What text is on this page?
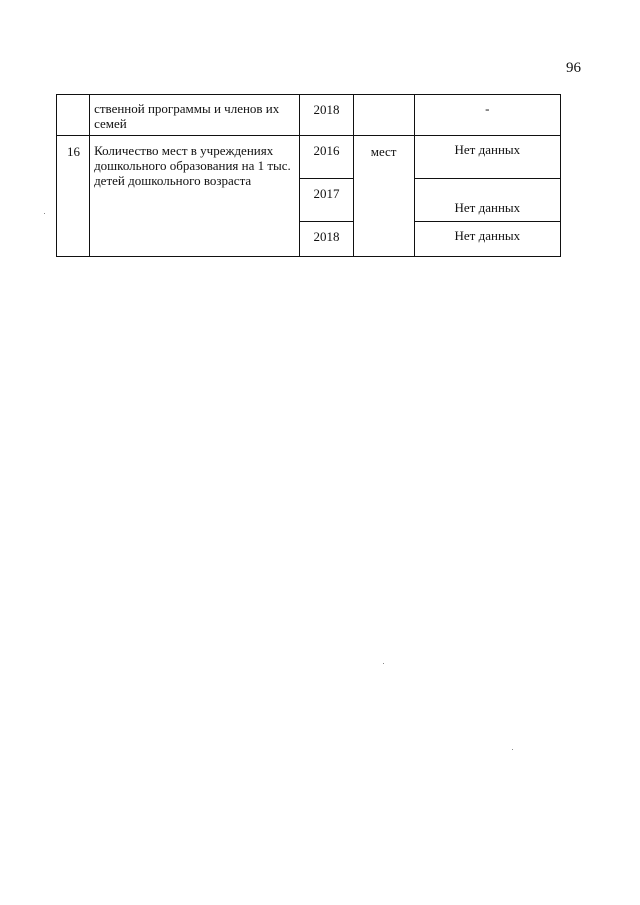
96

	ственной программы и членов их семей	2018		-

16	Количество мест в учреждениях дошкольного образования на 1 тыс. детей дошкольного возраста	2016	мест	Нет данных

		2017		Нет данных

		2018		Нет данных
